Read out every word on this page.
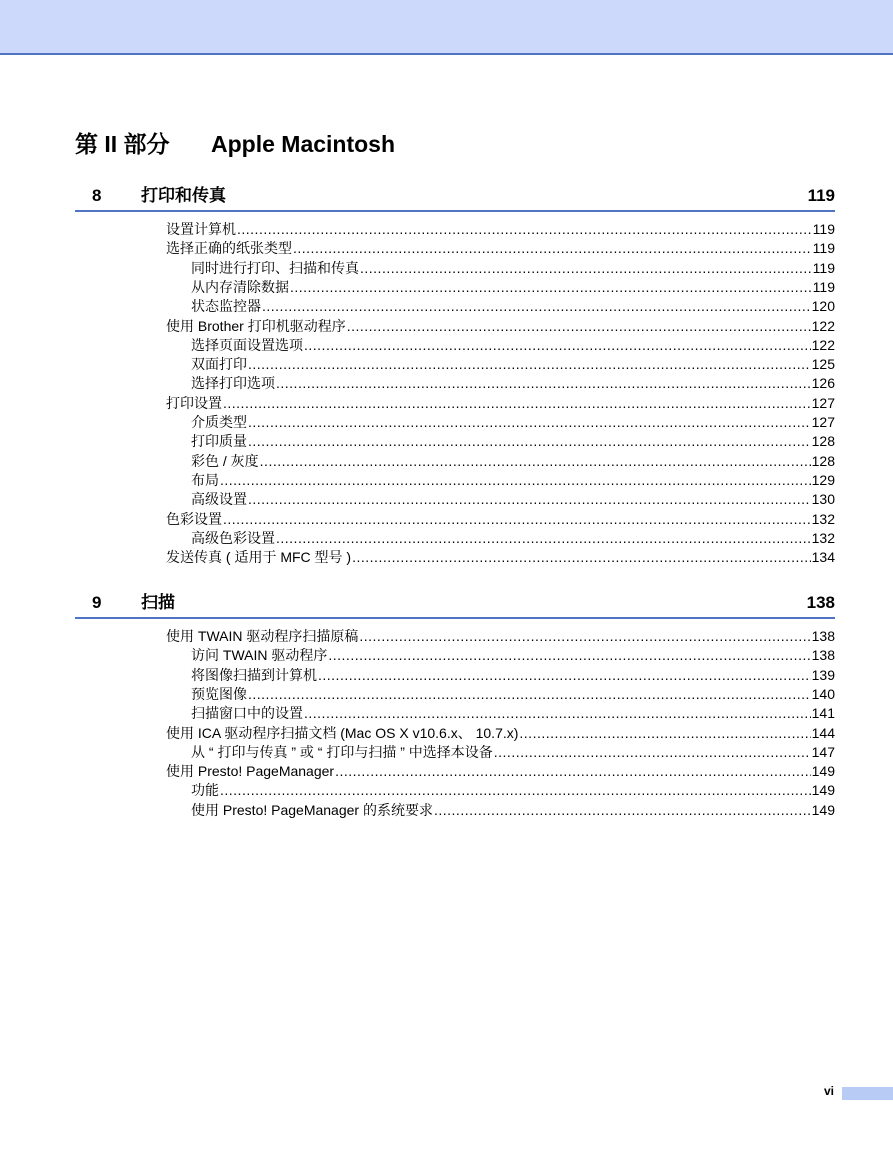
第 II 部分 Apple Macintosh
8 打印和传真	119
设置计算机 .....	119
选择正确的纸张类型 .....	119
同时进行打印、扫描和传真 .....	119
从内存清除数据 .....	119
状态监控器 .....	120
使用 Brother 打印机驱动程序 .....	122
选择页面设置选项 .....	122
双面打印 .....	125
选择打印选项 .....	126
打印设置 .....	127
介质类型 .....	127
打印质量 .....	128
彩色 / 灰度 .....	128
布局 .....	129
高级设置 .....	130
色彩设置 .....	132
高级色彩设置 .....	132
发送传真 ( 适用于 MFC 型号 ) .....	134
9 扫描	138
使用 TWAIN 驱动程序扫描原稿 .....	138
访问 TWAIN 驱动程序 .....	138
将图像扫描到计算机 .....	139
预览图像 .....	140
扫描窗口中的设置 .....	141
使用 ICA 驱动程序扫描文档 (Mac OS X v10.6.x、 10.7.x) .....	144
从 “ 打印与传真 ” 或 “ 打印与扫描 ” 中选择本设备 .....	147
使用 Presto! PageManager .....	149
功能 .....	149
使用 Presto! PageManager 的系统要求 .....	149
vi
